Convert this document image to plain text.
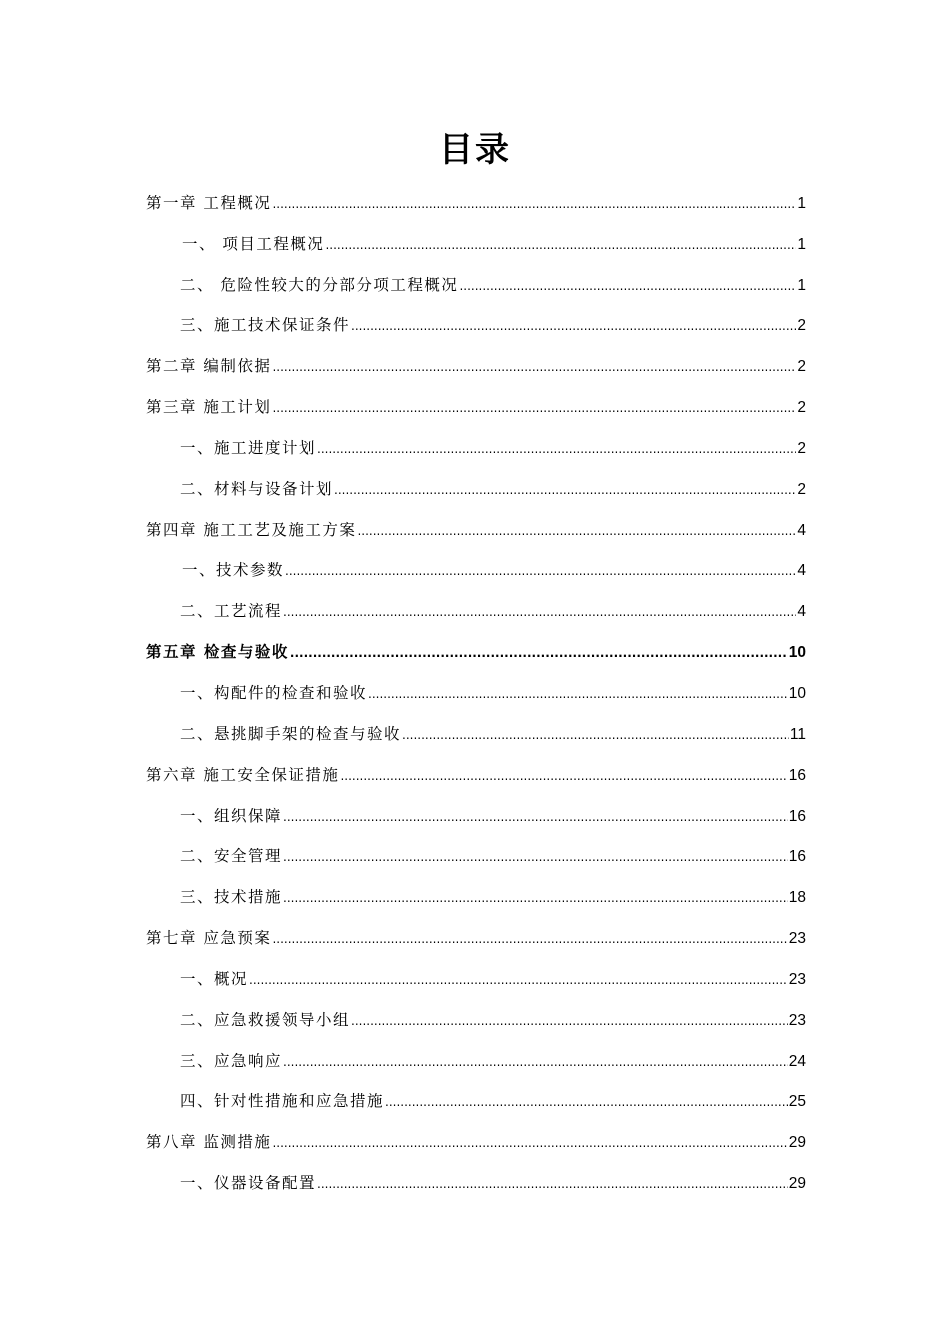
目录
第一章 工程概况 .....	1
一、 项目工程概况 .....	1
二、 危险性较大的分部分项工程概况 .....	1
三、施工技术保证条件 .....	2
第二章 编制依据 .....	2
第三章 施工计划 .....	2
一、施工进度计划 .....	2
二、材料与设备计划 .....	2
第四章 施工工艺及施工方案 .....	4
一、技术参数 .....	4
二、工艺流程 .....	4
第五章 检查与验收 .....	10
一、构配件的检查和验收 .....	10
二、悬挑脚手架的检查与验收 .....	11
第六章 施工安全保证措施 .....	16
一、组织保障 .....	16
二、安全管理 .....	16
三、技术措施 .....	18
第七章 应急预案 .....	23
一、概况 .....	23
二、应急救援领导小组 .....	23
三、应急响应 .....	24
四、针对性措施和应急措施 .....	25
第八章 监测措施 .....	29
一、仪器设备配置 .....	29
